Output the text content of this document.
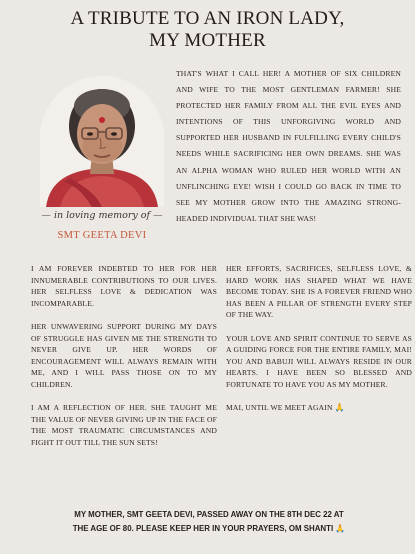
A TRIBUTE TO AN IRON LADY,
MY MOTHER
— in loving memory of —
SMT GEETA DEVI
THAT'S WHAT I CALL HER! A MOTHER OF SIX CHILDREN AND WIFE TO THE MOST GENTLEMAN FARMER! SHE PROTECTED HER FAMILY FROM ALL THE EVIL EYES AND INTENTIONS OF THIS UNFORGIVING WORLD AND SUPPORTED HER HUSBAND IN FULFILLING EVERY CHILD'S NEEDS WHILE SACRIFICING HER OWN DREAMS. SHE WAS AN ALPHA WOMAN WHO RULED HER WORLD WITH AN UNFLINCHING EYE! WISH I COULD GO BACK IN TIME TO SEE MY MOTHER GROW INTO THE AMAZING STRONG-HEADED INDIVIDUAL THAT SHE WAS!

I AM FOREVER INDEBTED TO HER FOR HER INNUMERABLE CONTRIBUTIONS TO OUR LIVES. HER SELFLESS LOVE & DEDICATION WAS INCOMPARABLE.

HER UNWAVERING SUPPORT DURING MY DAYS OF STRUGGLE HAS GIVEN ME THE STRENGTH TO NEVER GIVE UP. HER WORDS OF ENCOURAGEMENT WILL ALWAYS REMAIN WITH ME, AND I WILL PASS THOSE ON TO MY CHILDREN.

I AM A REFLECTION OF HER. SHE TAUGHT ME THE VALUE OF NEVER GIVING UP IN THE FACE OF THE MOST TRAUMATIC CIRCUMSTANCES AND FIGHT IT OUT TILL THE SUN SETS!

HER EFFORTS, SACRIFICES, SELFLESS LOVE, & HARD WORK HAS SHAPED WHAT WE HAVE BECOME TODAY. SHE IS A FOREVER FRIEND WHO HAS BEEN A PILLAR OF STRENGTH EVERY STEP OF THE WAY.

YOUR LOVE AND SPIRIT CONTINUE TO SERVE AS A GUIDING FORCE FOR THE ENTIRE FAMILY, MAI! YOU AND BABUJI WILL ALWAYS RESIDE IN OUR HEARTS. I HAVE BEEN SO BLESSED AND FORTUNATE TO HAVE YOU AS MY MOTHER.

MAI, UNTIL WE MEET AGAIN 🙏

MY MOTHER, SMT GEETA DEVI, PASSED AWAY ON THE 8TH DEC 22 AT
THE AGE OF 80. PLEASE KEEP HER IN YOUR PRAYERS, OM SHANTI 🙏
